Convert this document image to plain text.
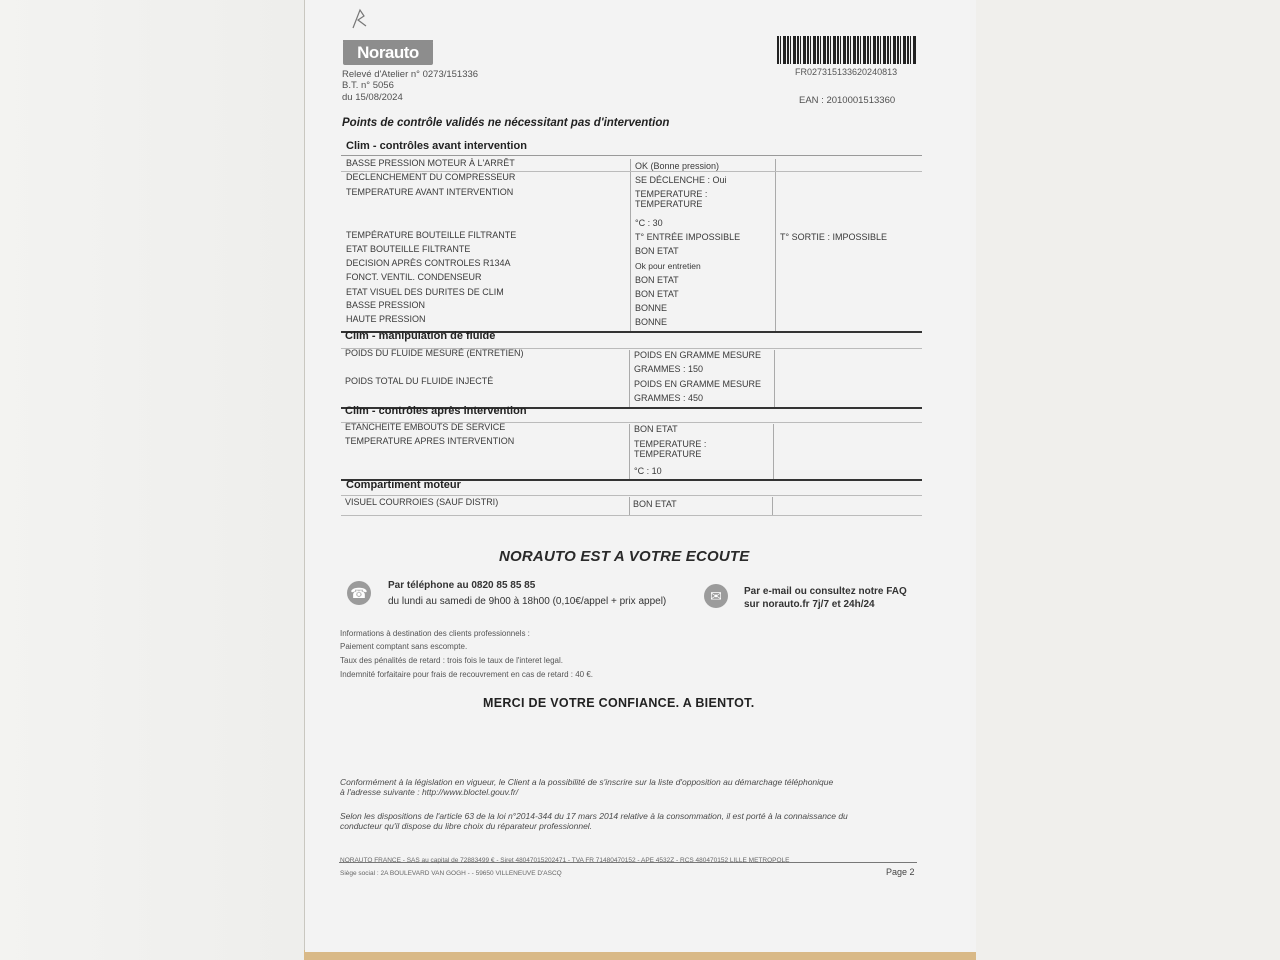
Norauto
Relevé d'Atelier n° 0273/151336
B.T. n° 5056
du 15/08/2024
FR027315133620240813
EAN : 2010001513360
Points de contrôle validés ne nécessitant pas d'intervention
Clim - contrôles avant intervention
BASSE PRESSION MOTEUR À L'ARRÊT	OK (Bonne pression)
DECLENCHEMENT DU COMPRESSEUR	SE DÉCLENCHE : Oui
TEMPERATURE AVANT INTERVENTION	TEMPERATURE :
TEMPERATURE
°C : 30
TEMPÉRATURE BOUTEILLE FILTRANTE	T° ENTRÉE IMPOSSIBLE	T° SORTIE : IMPOSSIBLE
ETAT BOUTEILLE FILTRANTE	BON ETAT
DECISION APRÈS CONTROLES R134A	Ok pour entretien
FONCT. VENTIL. CONDENSEUR	BON ETAT
ETAT VISUEL DES DURITES DE CLIM	BON ETAT
BASSE PRESSION	BONNE
HAUTE PRESSION	BONNE
Clim - manipulation de fluide
POIDS DU FLUIDE MESURÉ (ENTRETIEN)	POIDS EN GRAMME MESURE
GRAMMES : 150
POIDS TOTAL DU FLUIDE INJECTÉ	POIDS EN GRAMME MESURE
GRAMMES : 450
Clim - contrôles après intervention
ETANCHEITE EMBOUTS DE SERVICE	BON ETAT
TEMPERATURE APRES INTERVENTION	TEMPERATURE :
TEMPERATURE
°C : 10
Compartiment moteur
VISUEL COURROIES (SAUF DISTRI)	BON ETAT
NORAUTO EST A VOTRE ECOUTE
☎	Par téléphone au 0820 85 85 85
du lundi au samedi de 9h00 à 18h00 (0,10€/appel + prix appel)	✉	Par e-mail ou consultez notre FAQ
sur norauto.fr 7j/7 et 24h/24
Informations à destination des clients professionnels :
Paiement comptant sans escompte.
Taux des pénalités de retard : trois fois le taux de l'interet legal.
Indemnité forfaitaire pour frais de recouvrement en cas de retard : 40 €.
MERCI DE VOTRE CONFIANCE. A BIENTOT.
Conformément à la législation en vigueur, le Client a la possibilité de s'inscrire sur la liste d'opposition au démarchage téléphonique
à l'adresse suivante : http://www.bloctel.gouv.fr/
Selon les dispositions de l'article 63 de la loi n°2014-344 du 17 mars 2014 relative à la consommation, il est porté à la connaissance du
conducteur qu'il dispose du libre choix du réparateur professionnel.
NORAUTO FRANCE - SAS au capital de 72883499 € - Siret 48047015202471 - TVA FR 71480470152 - APE 4532Z - RCS 480470152 LILLE METROPOLE
Siège social : 2A BOULEVARD VAN GOGH - - 59650 VILLENEUVE D'ASCQ	Page 2
